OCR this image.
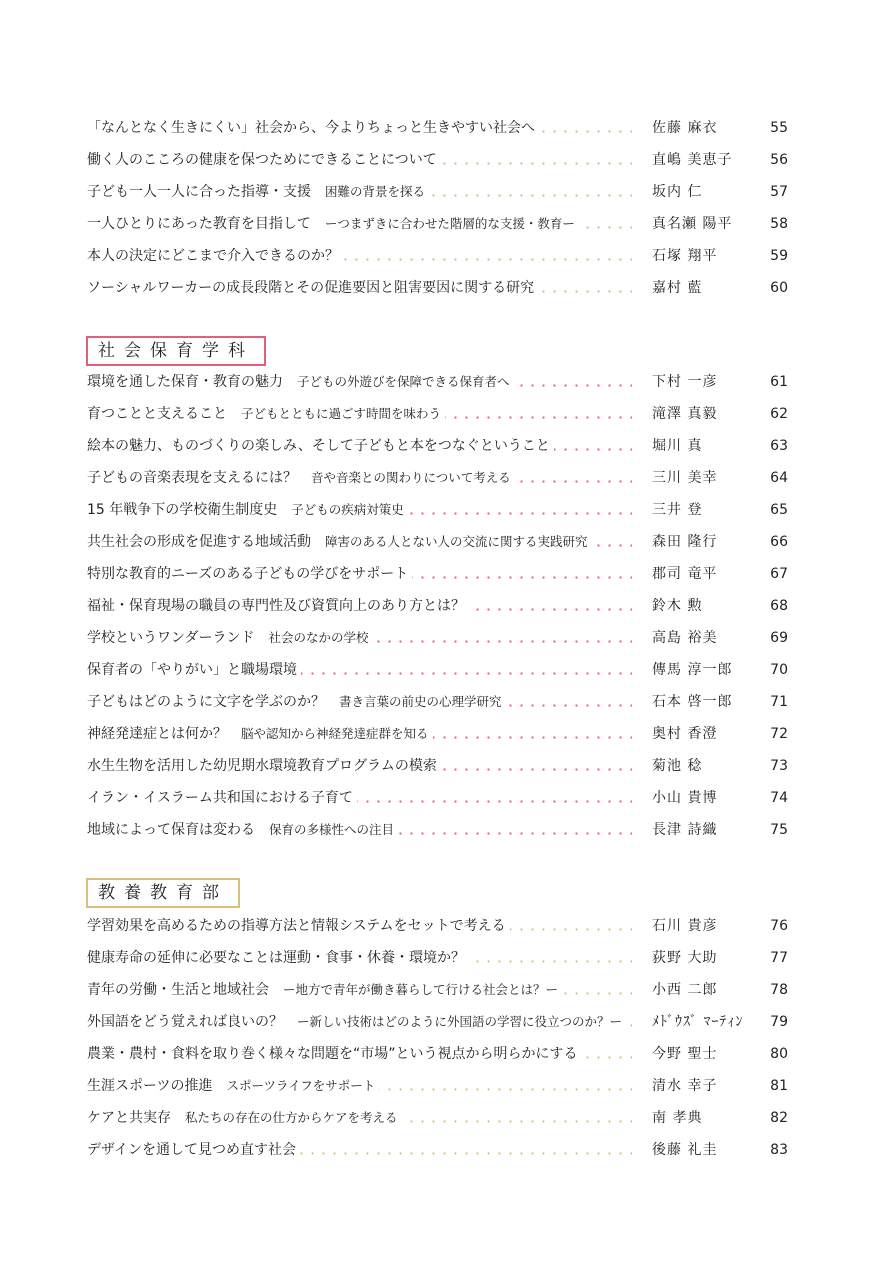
「なんとなく生きにくい」社会から、今よりちょっと生きやすい社会へ	佐藤 麻衣	55
働く人のこころの健康を保つためにできることについて	直嶋 美恵子	56
子ども一人一人に合った指導・支援 困難の背景を探る	坂内 仁	57
一人ひとりにあった教育を目指して ーつまずきに合わせた階層的な支援・教育ー	真名瀬 陽平	58
本人の決定にどこまで介入できるのか？	石塚 翔平	59
ソーシャルワーカーの成長段階とその促進要因と阻害要因に関する研究	嘉村 藍	60
社会保育学科
環境を通した保育・教育の魅力 子どもの外遊びを保障できる保育者へ	下村 一彦	61
育つことと支えること 子どもとともに過ごす時間を味わう	滝澤 真毅	62
絵本の魅力、ものづくりの楽しみ、そして子どもと本をつなぐということ	堀川 真	63
子どもの音楽表現を支えるには？ 音や音楽との関わりについて考える	三川 美幸	64
15 年戦争下の学校衛生制度史 子どもの疾病対策史	三井 登	65
共生社会の形成を促進する地域活動 障害のある人とない人の交流に関する実践研究	森田 隆行	66
特別な教育的ニーズのある子どもの学びをサポート	郡司 竜平	67
福祉・保育現場の職員の専門性及び資質向上のあり方とは？	鈴木 勲	68
学校というワンダーランド 社会のなかの学校	高島 裕美	69
保育者の「やりがい」と職場環境	傳馬 淳一郎	70
子どもはどのように文字を学ぶのか？ 書き言葉の前史の心理学研究	石本 啓一郎	71
神経発達症とは何か？ 脳や認知から神経発達症群を知る	奥村 香澄	72
水生生物を活用した幼児期水環境教育プログラムの模索	菊池 稔	73
イラン・イスラーム共和国における子育て	小山 貴博	74
地域によって保育は変わる 保育の多様性への注目	長津 詩織	75
教養教育部
学習効果を高めるための指導方法と情報システムをセットで考える	石川 貴彦	76
健康寿命の延伸に必要なことは運動・食事・休養・環境か？	荻野 大助	77
青年の労働・生活と地域社会 ー地方で青年が働き暮らして行ける社会とは？ー	小西 二郎	78
外国語をどう覚えれば良いの？ ー新しい技術はどのように外国語の学習に役立つのか？ー	ﾒﾄﾞｳｽﾞ ﾏｰﾃｨﾝ	79
農業・農村・食料を取り巻く様々な問題を“市場”という視点から明らかにする	今野 聖士	80
生涯スポーツの推進 スポーツライフをサポート	清水 幸子	81
ケアと共実存 私たちの存在の仕方からケアを考える	南 孝典	82
デザインを通して見つめ直す社会	後藤 礼圭	83
